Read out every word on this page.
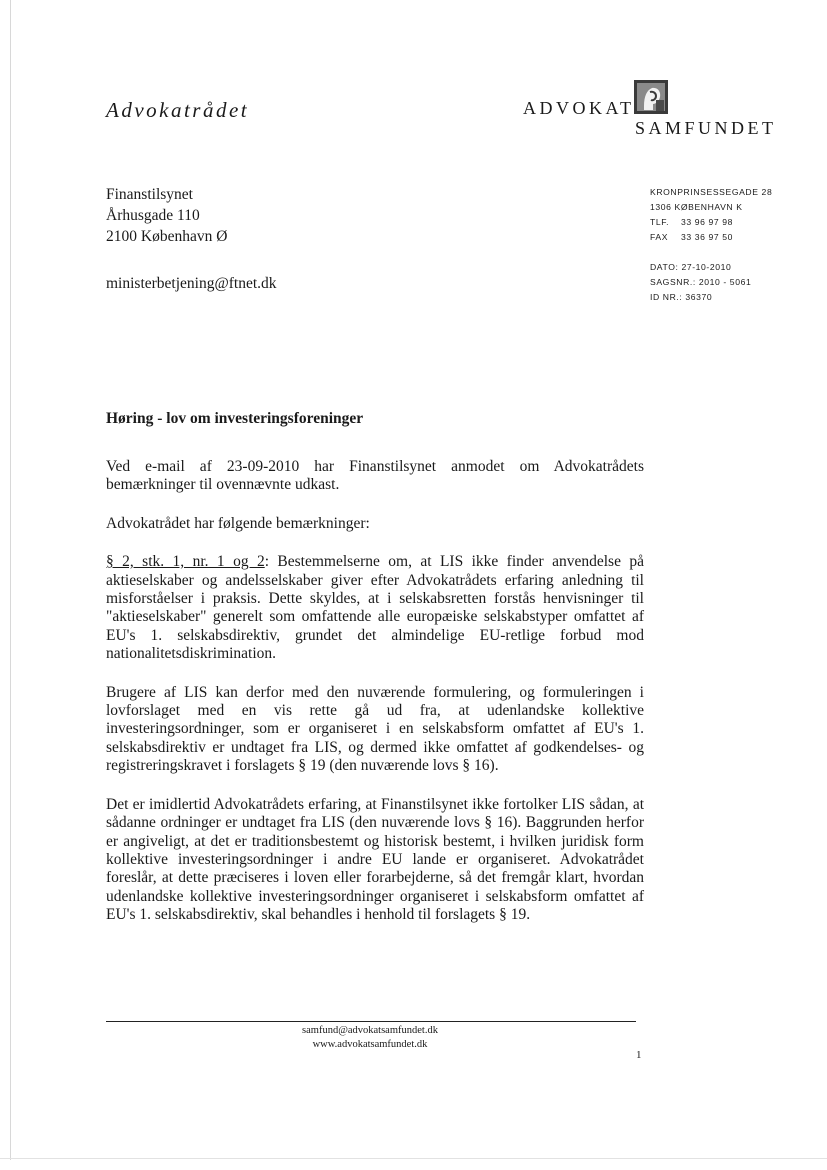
Advokatrådet	ADVOKAT
SAMFUNDET
Finanstilsynet
Århusgade 110
2100 København Ø
ministerbetjening@ftnet.dk
KRONPRINSESSEGADE 28
1306 KØBENHAVN K
TLF. 33 96 97 98
FAX 33 36 97 50
DATO: 27-10-2010
SAGSNR.: 2010 - 5061
ID NR.: 36370
Høring - lov om investeringsforeninger

Ved e-mail af 23-09-2010 har Finanstilsynet anmodet om Advokatrådets bemærkninger til ovennævnte udkast.

Advokatrådet har følgende bemærkninger:

§ 2, stk. 1, nr. 1 og 2: Bestemmelserne om, at LIS ikke finder anvendelse på aktieselskaber og andelsselskaber giver efter Advokatrådets erfaring anledning til misforståelser i praksis. Dette skyldes, at i selskabsretten forstås henvisninger til "aktieselskaber" generelt som omfattende alle europæiske selskabstyper omfattet af EU's 1. selskabsdirektiv, grundet det almindelige EU-retlige forbud mod nationalitetsdiskrimination.

Brugere af LIS kan derfor med den nuværende formulering, og formuleringen i lovforslaget med en vis rette gå ud fra, at udenlandske kollektive investeringsordninger, som er organiseret i en selskabsform omfattet af EU's 1. selskabsdirektiv er undtaget fra LIS, og dermed ikke omfattet af godkendelses- og registreringskravet i forslagets § 19 (den nuværende lovs § 16).

Det er imidlertid Advokatrådets erfaring, at Finanstilsynet ikke fortolker LIS sådan, at sådanne ordninger er undtaget fra LIS (den nuværende lovs § 16). Baggrunden herfor er angiveligt, at det er traditionsbestemt og historisk bestemt, i hvilken juridisk form kollektive investeringsordninger i andre EU lande er organiseret. Advokatrådet foreslår, at dette præciseres i loven eller forarbejderne, så det fremgår klart, hvordan udenlandske kollektive investeringsordninger organiseret i selskabsform omfattet af EU's 1. selskabsdirektiv, skal behandles i henhold til forslagets § 19.

samfund@advokatsamfundet.dk
www.advokatsamfundet.dk
1
